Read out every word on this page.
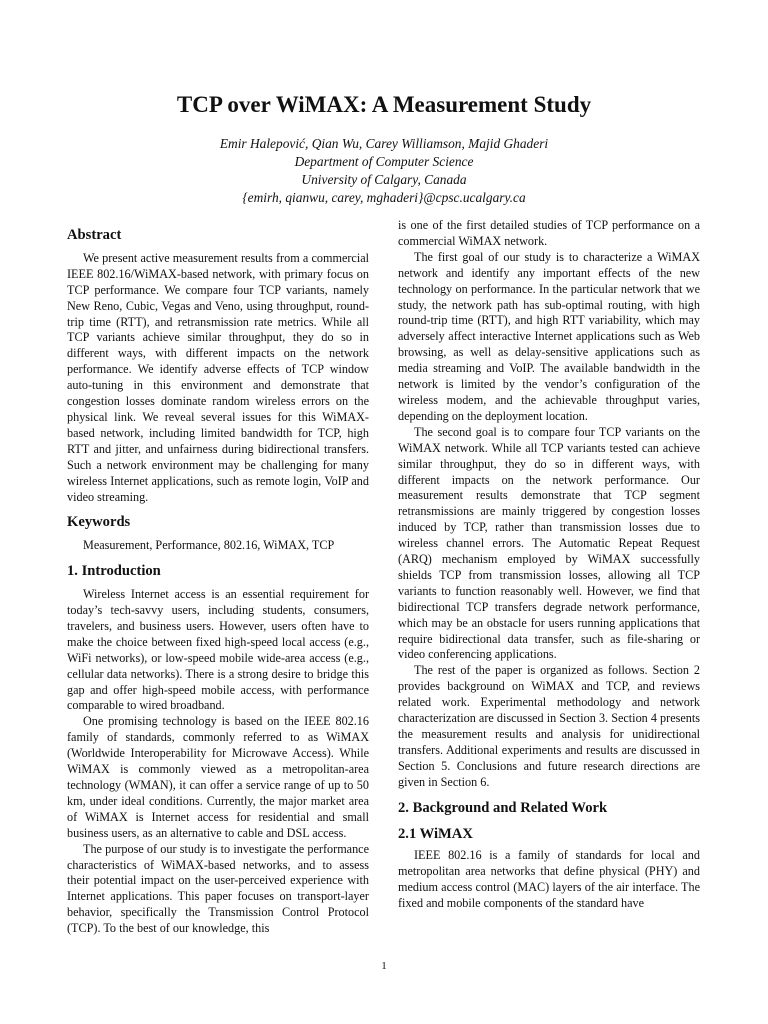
TCP over WiMAX: A Measurement Study
Emir Halepović, Qian Wu, Carey Williamson, Majid Ghaderi
Department of Computer Science
University of Calgary, Canada
{emirh, qianwu, carey, mghaderi}@cpsc.ucalgary.ca
Abstract

We present active measurement results from a commercial IEEE 802.16/WiMAX-based network, with primary focus on TCP performance. We compare four TCP variants, namely New Reno, Cubic, Vegas and Veno, using throughput, round-trip time (RTT), and retransmission rate metrics. While all TCP variants achieve similar throughput, they do so in different ways, with different impacts on the network performance. We identify adverse effects of TCP window auto-tuning in this environment and demonstrate that congestion losses dominate random wireless errors on the physical link. We reveal several issues for this WiMAX-based network, including limited bandwidth for TCP, high RTT and jitter, and unfairness during bidirectional transfers. Such a network environment may be challenging for many wireless Internet applications, such as remote login, VoIP and video streaming.

Keywords

Measurement, Performance, 802.16, WiMAX, TCP

1. Introduction

Wireless Internet access is an essential requirement for today’s tech-savvy users, including students, consumers, travelers, and business users. However, users often have to make the choice between fixed high-speed local access (e.g., WiFi networks), or low-speed mobile wide-area access (e.g., cellular data networks). There is a strong desire to bridge this gap and offer high-speed mobile access, with performance comparable to wired broadband.

One promising technology is based on the IEEE 802.16 family of standards, commonly referred to as WiMAX (Worldwide Interoperability for Microwave Access). While WiMAX is commonly viewed as a metropolitan-area technology (WMAN), it can offer a service range of up to 50 km, under ideal conditions. Currently, the major market area of WiMAX is Internet access for residential and small business users, as an alternative to cable and DSL access.

The purpose of our study is to investigate the performance characteristics of WiMAX-based networks, and to assess their potential impact on the user-perceived experience with Internet applications. This paper focuses on transport-layer behavior, specifically the Transmission Control Protocol (TCP). To the best of our knowledge, this

is one of the first detailed studies of TCP performance on a commercial WiMAX network.

The first goal of our study is to characterize a WiMAX network and identify any important effects of the new technology on performance. In the particular network that we study, the network path has sub-optimal routing, with high round-trip time (RTT), and high RTT variability, which may adversely affect interactive Internet applications such as Web browsing, as well as delay-sensitive applications such as media streaming and VoIP. The available bandwidth in the network is limited by the vendor’s configuration of the wireless modem, and the achievable throughput varies, depending on the deployment location.

The second goal is to compare four TCP variants on the WiMAX network. While all TCP variants tested can achieve similar throughput, they do so in different ways, with different impacts on the network performance. Our measurement results demonstrate that TCP segment retransmissions are mainly triggered by congestion losses induced by TCP, rather than transmission losses due to wireless channel errors. The Automatic Repeat Request (ARQ) mechanism employed by WiMAX successfully shields TCP from transmission losses, allowing all TCP variants to function reasonably well. However, we find that bidirectional TCP transfers degrade network performance, which may be an obstacle for users running applications that require bidirectional data transfer, such as file-sharing or video conferencing applications.

The rest of the paper is organized as follows. Section 2 provides background on WiMAX and TCP, and reviews related work. Experimental methodology and network characterization are discussed in Section 3. Section 4 presents the measurement results and analysis for unidirectional transfers. Additional experiments and results are discussed in Section 5. Conclusions and future research directions are given in Section 6.

2. Background and Related Work
2.1 WiMAX

IEEE 802.16 is a family of standards for local and metropolitan area networks that define physical (PHY) and medium access control (MAC) layers of the air interface. The fixed and mobile components of the standard have

1
